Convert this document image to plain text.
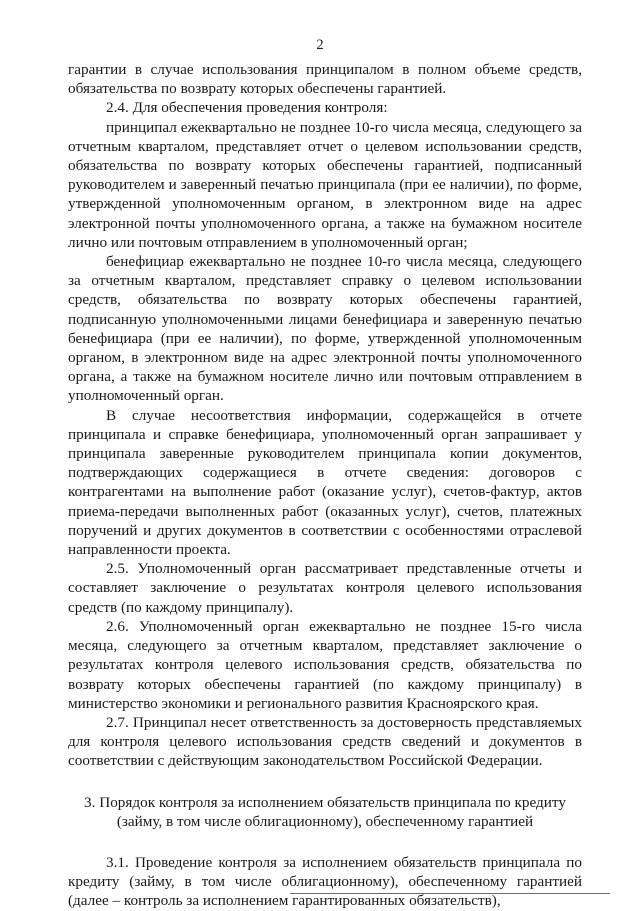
2

гарантии в случае использования принципалом в полном объеме средств, обязательства по возврату которых обеспечены гарантией.

2.4. Для обеспечения проведения контроля:

принципал ежеквартально не позднее 10-го числа месяца, следующего за отчетным кварталом, представляет отчет о целевом использовании средств, обязательства по возврату которых обеспечены гарантией, подписанный руководителем и заверенный печатью принципала (при ее наличии), по форме, утвержденной уполномоченным органом, в электронном виде на адрес электронной почты уполномоченного органа, а также на бумажном носителе лично или почтовым отправлением в уполномоченный орган;

бенефициар ежеквартально не позднее 10-го числа месяца, следующего за отчетным кварталом, представляет справку о целевом использовании средств, обязательства по возврату которых обеспечены гарантией, подписанную уполномоченными лицами бенефициара и заверенную печатью бенефициара (при ее наличии), по форме, утвержденной уполномоченным органом, в электронном виде на адрес электронной почты уполномоченного органа, а также на бумажном носителе лично или почтовым отправлением в уполномоченный орган.

В случае несоответствия информации, содержащейся в отчете принципала и справке бенефициара, уполномоченный орган запрашивает у принципала заверенные руководителем принципала копии документов, подтверждающих содержащиеся в отчете сведения: договоров с контрагентами на выполнение работ (оказание услуг), счетов-фактур, актов приема-передачи выполненных работ (оказанных услуг), счетов, платежных поручений и других документов в соответствии с особенностями отраслевой направленности проекта.

2.5. Уполномоченный орган рассматривает представленные отчеты и составляет заключение о результатах контроля целевого использования средств (по каждому принципалу).

2.6. Уполномоченный орган ежеквартально не позднее 15-го числа месяца, следующего за отчетным кварталом, представляет заключение о результатах контроля целевого использования средств, обязательства по возврату которых обеспечены гарантией (по каждому принципалу) в министерство экономики и регионального развития Красноярского края.

2.7. Принципал несет ответственность за достоверность представляемых для контроля целевого использования средств сведений и документов в соответствии с действующим законодательством Российской Федерации.

3. Порядок контроля за исполнением обязательств принципала по кредиту (займу, в том числе облигационному), обеспеченному гарантией

3.1. Проведение контроля за исполнением обязательств принципала по кредиту (займу, в том числе облигационному), обеспеченному гарантией (далее – контроль за исполнением гарантированных обязательств),
